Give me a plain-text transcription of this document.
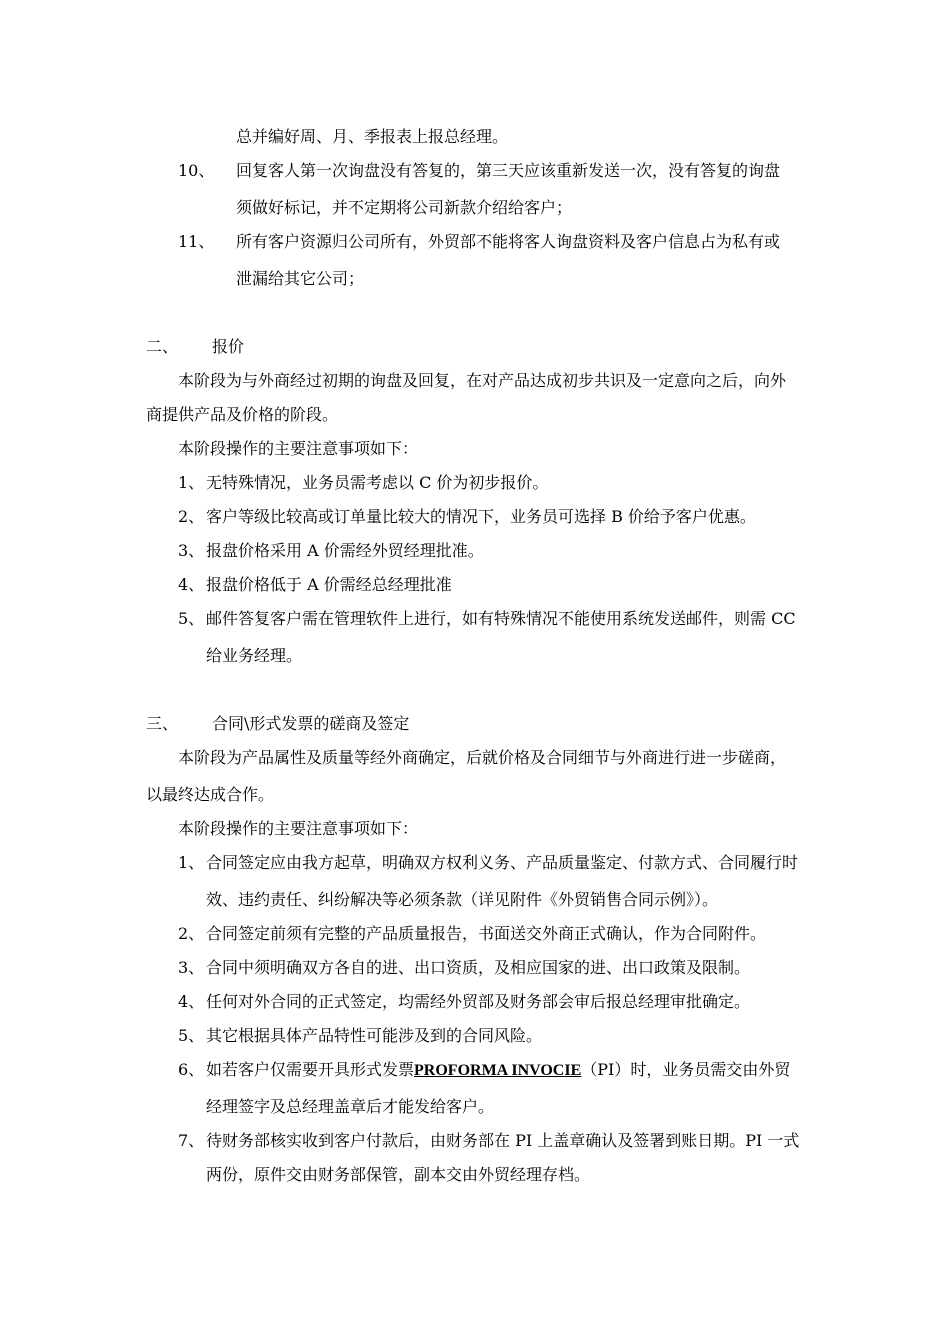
总并编好周、月、季报表上报总经理。
10、 回复客人第一次询盘没有答复的，第三天应该重新发送一次，没有答复的询盘
须做好标记，并不定期将公司新款介绍给客户；
11、 所有客户资源归公司所有，外贸部不能将客人询盘资料及客户信息占为私有或
泄漏给其它公司；
二、 报价
本阶段为与外商经过初期的询盘及回复，在对产品达成初步共识及一定意向之后，向外
商提供产品及价格的阶段。
本阶段操作的主要注意事项如下：
1、 无特殊情况，业务员需考虑以 C 价为初步报价。
2、 客户等级比较高或订单量比较大的情况下，业务员可选择 B 价给予客户优惠。
3、 报盘价格采用 A 价需经外贸经理批准。
4、 报盘价格低于 A 价需经总经理批准
5、 邮件答复客户需在管理软件上进行，如有特殊情况不能使用系统发送邮件，则需 CC
给业务经理。
三、 合同\形式发票的磋商及签定
本阶段为产品属性及质量等经外商确定，后就价格及合同细节与外商进行进一步磋商，
以最终达成合作。
本阶段操作的主要注意事项如下：
1、 合同签定应由我方起草，明确双方权利义务、产品质量鉴定、付款方式、合同履行时
效、违约责任、纠纷解决等必须条款（详见附件《外贸销售合同示例》）。
2、 合同签定前须有完整的产品质量报告，书面送交外商正式确认，作为合同附件。
3、 合同中须明确双方各自的进、出口资质，及相应国家的进、出口政策及限制。
4、 任何对外合同的正式签定，均需经外贸部及财务部会审后报总经理审批确定。
5、 其它根据具体产品特性可能涉及到的合同风险。
6、 如若客户仅需要开具形式发票PROFORMA INVOCIE（PI）时，业务员需交由外贸
经理签字及总经理盖章后才能发给客户。
7、 待财务部核实收到客户付款后，由财务部在 PI 上盖章确认及签署到账日期。PI 一式
两份，原件交由财务部保管，副本交由外贸经理存档。
